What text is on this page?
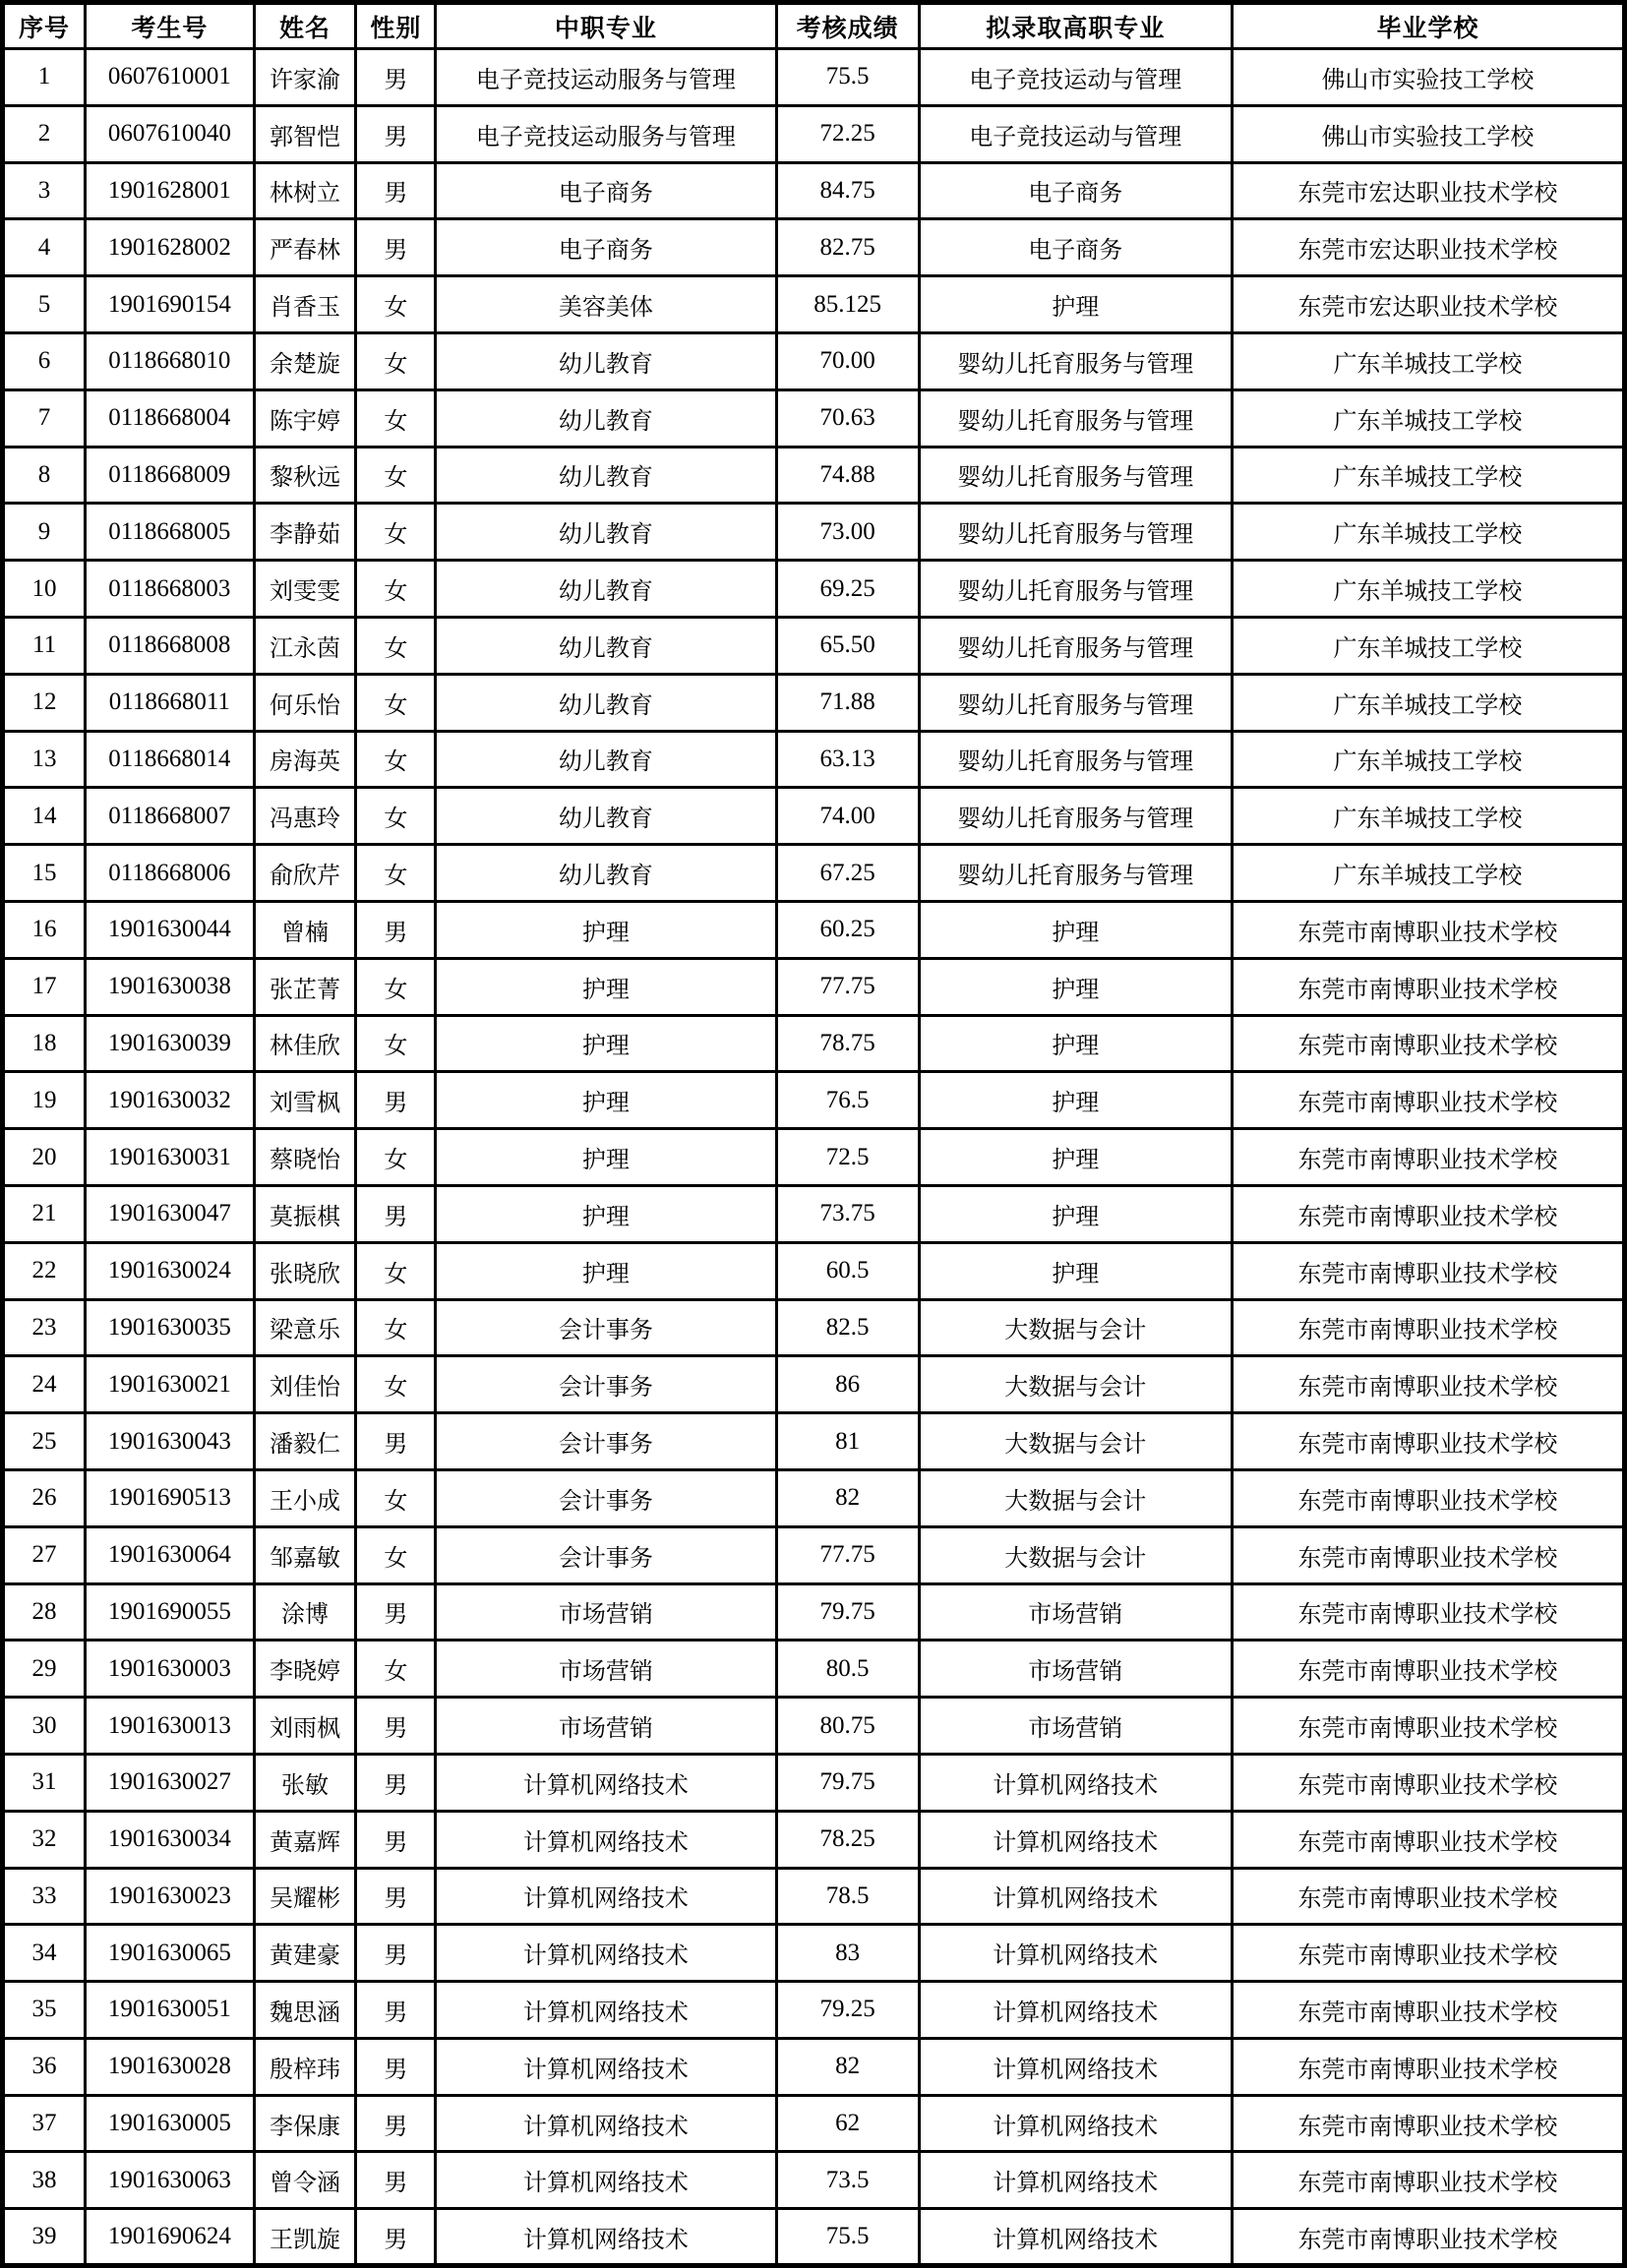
序号	考生号	姓名	性别	中职专业	考核成绩	拟录取高职专业	毕业学校
1	0607610001	许家渝	男	电子竞技运动服务与管理	75.5	电子竞技运动与管理	佛山市实验技工学校
2	0607610040	郭智恺	男	电子竞技运动服务与管理	72.25	电子竞技运动与管理	佛山市实验技工学校
3	1901628001	林树立	男	电子商务	84.75	电子商务	东莞市宏达职业技术学校
4	1901628002	严春林	男	电子商务	82.75	电子商务	东莞市宏达职业技术学校
5	1901690154	肖香玉	女	美容美体	85.125	护理	东莞市宏达职业技术学校
6	0118668010	余楚旋	女	幼儿教育	70.00	婴幼儿托育服务与管理	广东羊城技工学校
7	0118668004	陈宇婷	女	幼儿教育	70.63	婴幼儿托育服务与管理	广东羊城技工学校
8	0118668009	黎秋远	女	幼儿教育	74.88	婴幼儿托育服务与管理	广东羊城技工学校
9	0118668005	李静茹	女	幼儿教育	73.00	婴幼儿托育服务与管理	广东羊城技工学校
10	0118668003	刘雯雯	女	幼儿教育	69.25	婴幼儿托育服务与管理	广东羊城技工学校
11	0118668008	江永茵	女	幼儿教育	65.50	婴幼儿托育服务与管理	广东羊城技工学校
12	0118668011	何乐怡	女	幼儿教育	71.88	婴幼儿托育服务与管理	广东羊城技工学校
13	0118668014	房海英	女	幼儿教育	63.13	婴幼儿托育服务与管理	广东羊城技工学校
14	0118668007	冯惠玲	女	幼儿教育	74.00	婴幼儿托育服务与管理	广东羊城技工学校
15	0118668006	俞欣芹	女	幼儿教育	67.25	婴幼儿托育服务与管理	广东羊城技工学校
16	1901630044	曾楠	男	护理	60.25	护理	东莞市南博职业技术学校
17	1901630038	张芷菁	女	护理	77.75	护理	东莞市南博职业技术学校
18	1901630039	林佳欣	女	护理	78.75	护理	东莞市南博职业技术学校
19	1901630032	刘雪枫	男	护理	76.5	护理	东莞市南博职业技术学校
20	1901630031	蔡晓怡	女	护理	72.5	护理	东莞市南博职业技术学校
21	1901630047	莫振棋	男	护理	73.75	护理	东莞市南博职业技术学校
22	1901630024	张晓欣	女	护理	60.5	护理	东莞市南博职业技术学校
23	1901630035	梁意乐	女	会计事务	82.5	大数据与会计	东莞市南博职业技术学校
24	1901630021	刘佳怡	女	会计事务	86	大数据与会计	东莞市南博职业技术学校
25	1901630043	潘毅仁	男	会计事务	81	大数据与会计	东莞市南博职业技术学校
26	1901690513	王小成	女	会计事务	82	大数据与会计	东莞市南博职业技术学校
27	1901630064	邹嘉敏	女	会计事务	77.75	大数据与会计	东莞市南博职业技术学校
28	1901690055	涂博	男	市场营销	79.75	市场营销	东莞市南博职业技术学校
29	1901630003	李晓婷	女	市场营销	80.5	市场营销	东莞市南博职业技术学校
30	1901630013	刘雨枫	男	市场营销	80.75	市场营销	东莞市南博职业技术学校
31	1901630027	张敏	男	计算机网络技术	79.75	计算机网络技术	东莞市南博职业技术学校
32	1901630034	黄嘉辉	男	计算机网络技术	78.25	计算机网络技术	东莞市南博职业技术学校
33	1901630023	吴耀彬	男	计算机网络技术	78.5	计算机网络技术	东莞市南博职业技术学校
34	1901630065	黄建豪	男	计算机网络技术	83	计算机网络技术	东莞市南博职业技术学校
35	1901630051	魏思涵	男	计算机网络技术	79.25	计算机网络技术	东莞市南博职业技术学校
36	1901630028	殷梓玮	男	计算机网络技术	82	计算机网络技术	东莞市南博职业技术学校
37	1901630005	李保康	男	计算机网络技术	62	计算机网络技术	东莞市南博职业技术学校
38	1901630063	曾令涵	男	计算机网络技术	73.5	计算机网络技术	东莞市南博职业技术学校
39	1901690624	王凯旋	男	计算机网络技术	75.5	计算机网络技术	东莞市南博职业技术学校
